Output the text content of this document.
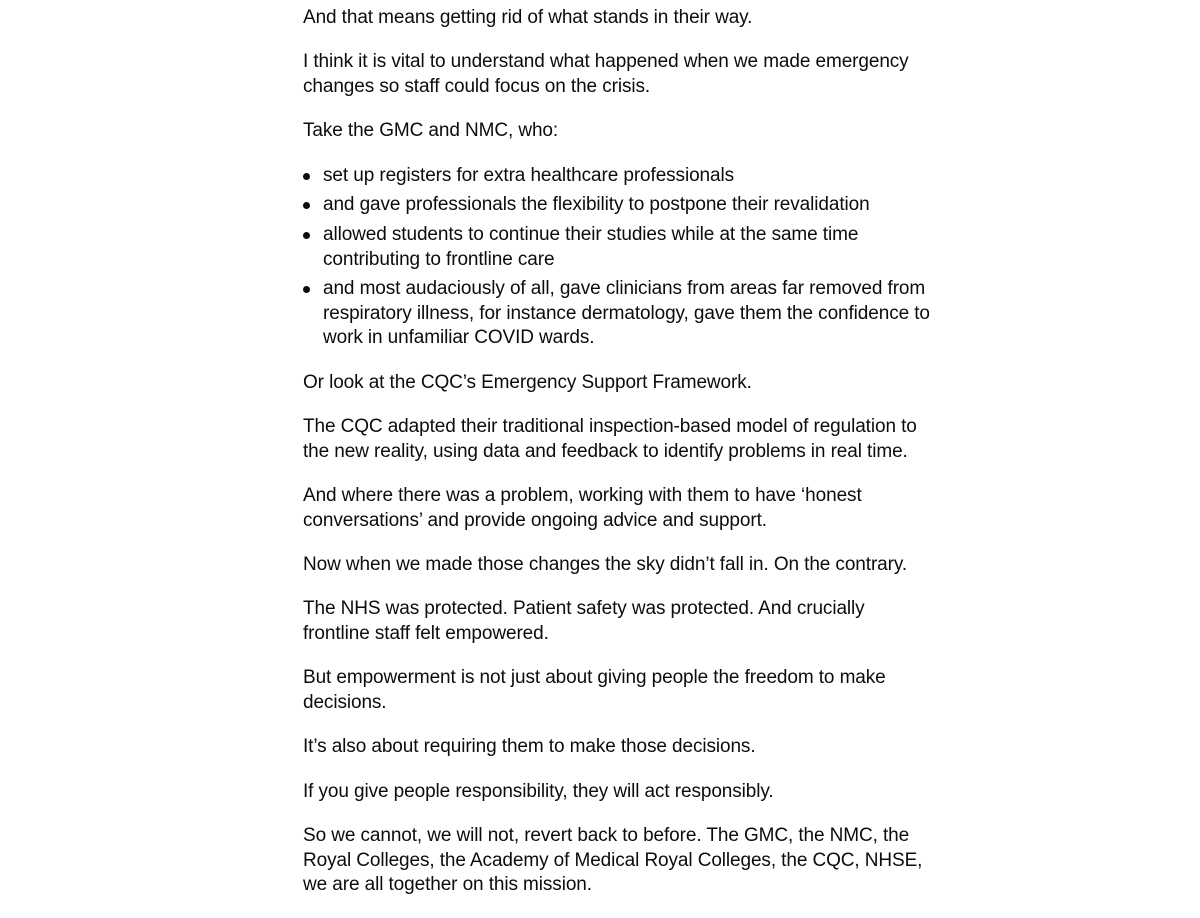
And that means getting rid of what stands in their way.

I think it is vital to understand what happened when we made emergency changes so staff could focus on the crisis.

Take the GMC and NMC, who:

set up registers for extra healthcare professionals
and gave professionals the flexibility to postpone their revalidation
allowed students to continue their studies while at the same time contributing to frontline care
and most audaciously of all, gave clinicians from areas far removed from respiratory illness, for instance dermatology, gave them the confidence to work in unfamiliar COVID wards.

Or look at the CQC’s Emergency Support Framework.

The CQC adapted their traditional inspection-based model of regulation to the new reality, using data and feedback to identify problems in real time.

And where there was a problem, working with them to have ‘honest conversations’ and provide ongoing advice and support.

Now when we made those changes the sky didn’t fall in. On the contrary.

The NHS was protected. Patient safety was protected. And crucially frontline staff felt empowered.

But empowerment is not just about giving people the freedom to make decisions.

It’s also about requiring them to make those decisions.

If you give people responsibility, they will act responsibly.

So we cannot, we will not, revert back to before. The GMC, the NMC, the Royal Colleges, the Academy of Medical Royal Colleges, the CQC, NHSE, we are all together on this mission.
